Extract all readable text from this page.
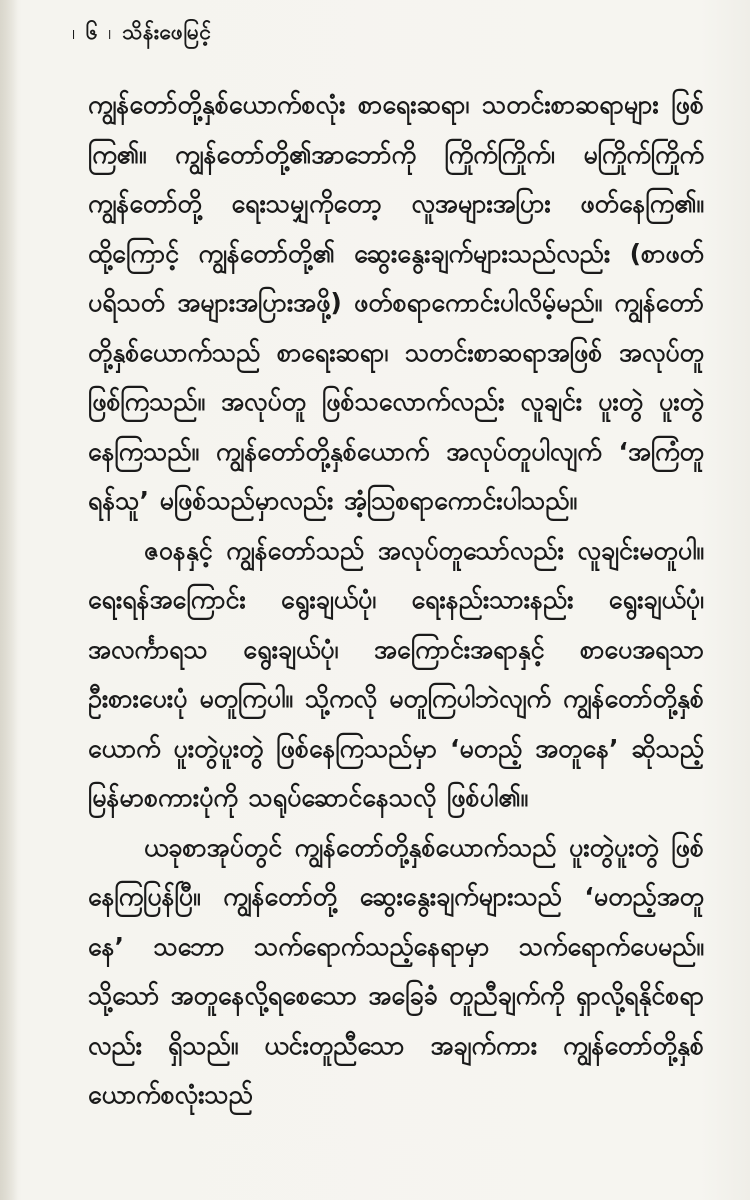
၊ ၆ ၊ သိန်းဖေမြင့်

ကျွန်တော်တို့နှစ်ယောက်စလုံး စာရေးဆရာ၊ သတင်းစာဆရာများ ဖြစ်ကြ၏။ ကျွန်တော်တို့၏အာဘော်ကို ကြိုက်ကြိုက်၊ မကြိုက်ကြိုက် ကျွန်တော်တို့ ရေးသမျှကိုတော့ လူအများအပြား ဖတ်နေကြ၏။ ထို့ကြောင့် ကျွန်တော်တို့၏ ဆွေးနွေးချက်များသည်လည်း (စာဖတ်ပရိသတ် အများအပြားအဖို့) ဖတ်စရာကောင်းပါလိမ့်မည်။ ကျွန်တော်တို့နှစ်ယောက်သည် စာရေးဆရာ၊ သတင်းစာဆရာအဖြစ် အလုပ်တူဖြစ်ကြသည်။ အလုပ်တူ ဖြစ်သလောက်လည်း လူချင်း ပူးတွဲ ပူးတွဲ နေကြသည်။ ကျွန်တော်တို့နှစ်ယောက် အလုပ်တူပါလျက် ‘အကြံတူ ရန်သူ’ မဖြစ်သည်မှာလည်း အံ့သြစရာကောင်းပါသည်။

ဇဝနနှင့် ကျွန်တော်သည် အလုပ်တူသော်လည်း လူချင်းမတူပါ။ ရေးရန်အကြောင်း ရွေးချယ်ပုံ၊ ရေးနည်းသားနည်း ရွေးချယ်ပုံ၊ အလင်္ကာရသ ရွေးချယ်ပုံ၊ အကြောင်းအရာနှင့် စာပေအရသာ ဦးစားပေးပုံ မတူကြပါ။ သို့ကလို မတူကြပါဘဲလျက် ကျွန်တော်တို့နှစ်ယောက် ပူးတွဲပူးတွဲ ဖြစ်နေကြသည်မှာ ‘မတည့် အတူနေ’ ဆိုသည့် မြန်မာစကားပုံကို သရုပ်ဆောင်နေသလို ဖြစ်ပါ၏။

ယခုစာအုပ်တွင် ကျွန်တော်တို့နှစ်ယောက်သည် ပူးတွဲပူးတွဲ ဖြစ်နေကြပြန်ပြီ။ ကျွန်တော်တို့ ဆွေးနွေးချက်များသည် ‘မတည့်အတူနေ’ သဘော သက်ရောက်သည့်နေရာမှာ သက်ရောက်ပေမည်။ သို့သော် အတူနေလို့ရစေသော အခြေခံ တူညီချက်ကို ရှာလို့ရနိုင်စရာလည်း ရှိသည်။ ယင်းတူညီသော အချက်ကား ကျွန်တော်တို့နှစ်ယောက်စလုံးသည်
